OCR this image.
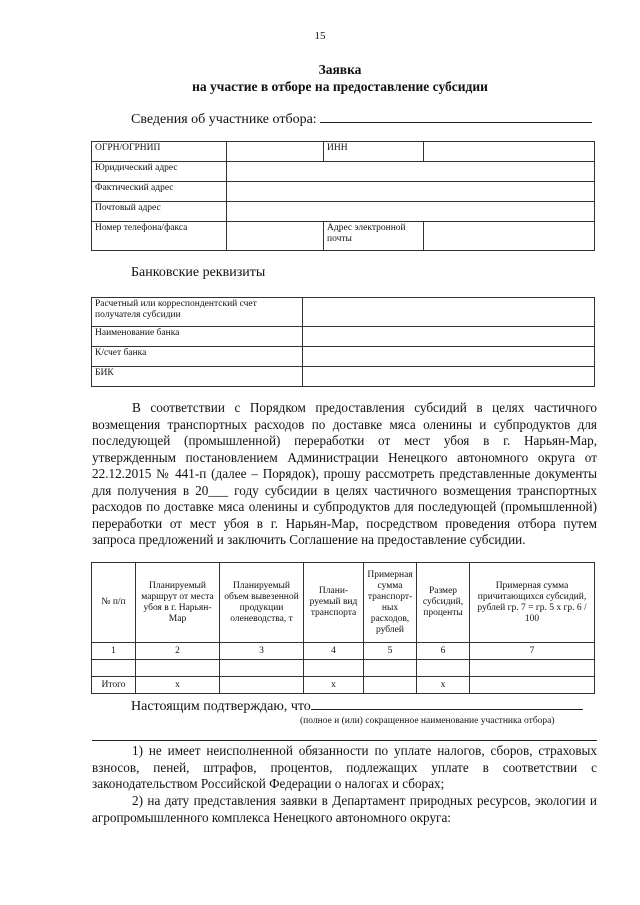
15
Заявка
на участие в отборе на предоставление субсидии
Сведения об участнике отбора:
ОГРН/ОГРНИП		ИНН	
Юридический адрес			
Фактический адрес			
Почтовый адрес			
Номер телефона/факса		Адрес электронной почты	
Банковские реквизиты
Расчетный или корреспондентский счет получателя субсидии	
Наименование банка	
К/счет банка	
БИК	
В соответствии с Порядком предоставления субсидий в целях частичного возмещения транспортных расходов по доставке мяса оленины и субпродуктов для последующей (промышленной) переработки от мест убоя в г. Нарьян-Мар, утвержденным постановлением Администрации Ненецкого автономного округа от 22.12.2015 № 441-п (далее – Порядок), прошу рассмотреть представленные документы для получения в 20___ году субсидии в целях частичного возмещения транспортных расходов по доставке мяса оленины и субпродуктов для последующей (промышленной) переработки от мест убоя в г. Нарьян-Мар, посредством проведения отбора путем запроса предложений и заключить Соглашение на предоставление субсидии.
№ п/п	Планируемый маршрут от места убоя в г. Нарьян-Мар	Планируемый объем вывезенной продукции оленеводства, т	Плани-руемый вид транспорта	Примерная сумма транспорт-ных расходов, рублей	Размер субсидий, проценты	Примерная сумма причитающихся субсидий, рублей гр. 7 = гр. 5 х гр. 6 / 100
1	2	3	4	5	6	7

Итого	х		х		х	
Настоящим подтверждаю, что
(полное и (или) сокращенное наименование участника отбора)
1) не имеет неисполненной обязанности по уплате налогов, сборов, страховых взносов, пеней, штрафов, процентов, подлежащих уплате в соответствии с законодательством Российской Федерации о налогах и сборах;
2) на дату представления заявки в Департамент природных ресурсов, экологии и агропромышленного комплекса Ненецкого автономного округа:
